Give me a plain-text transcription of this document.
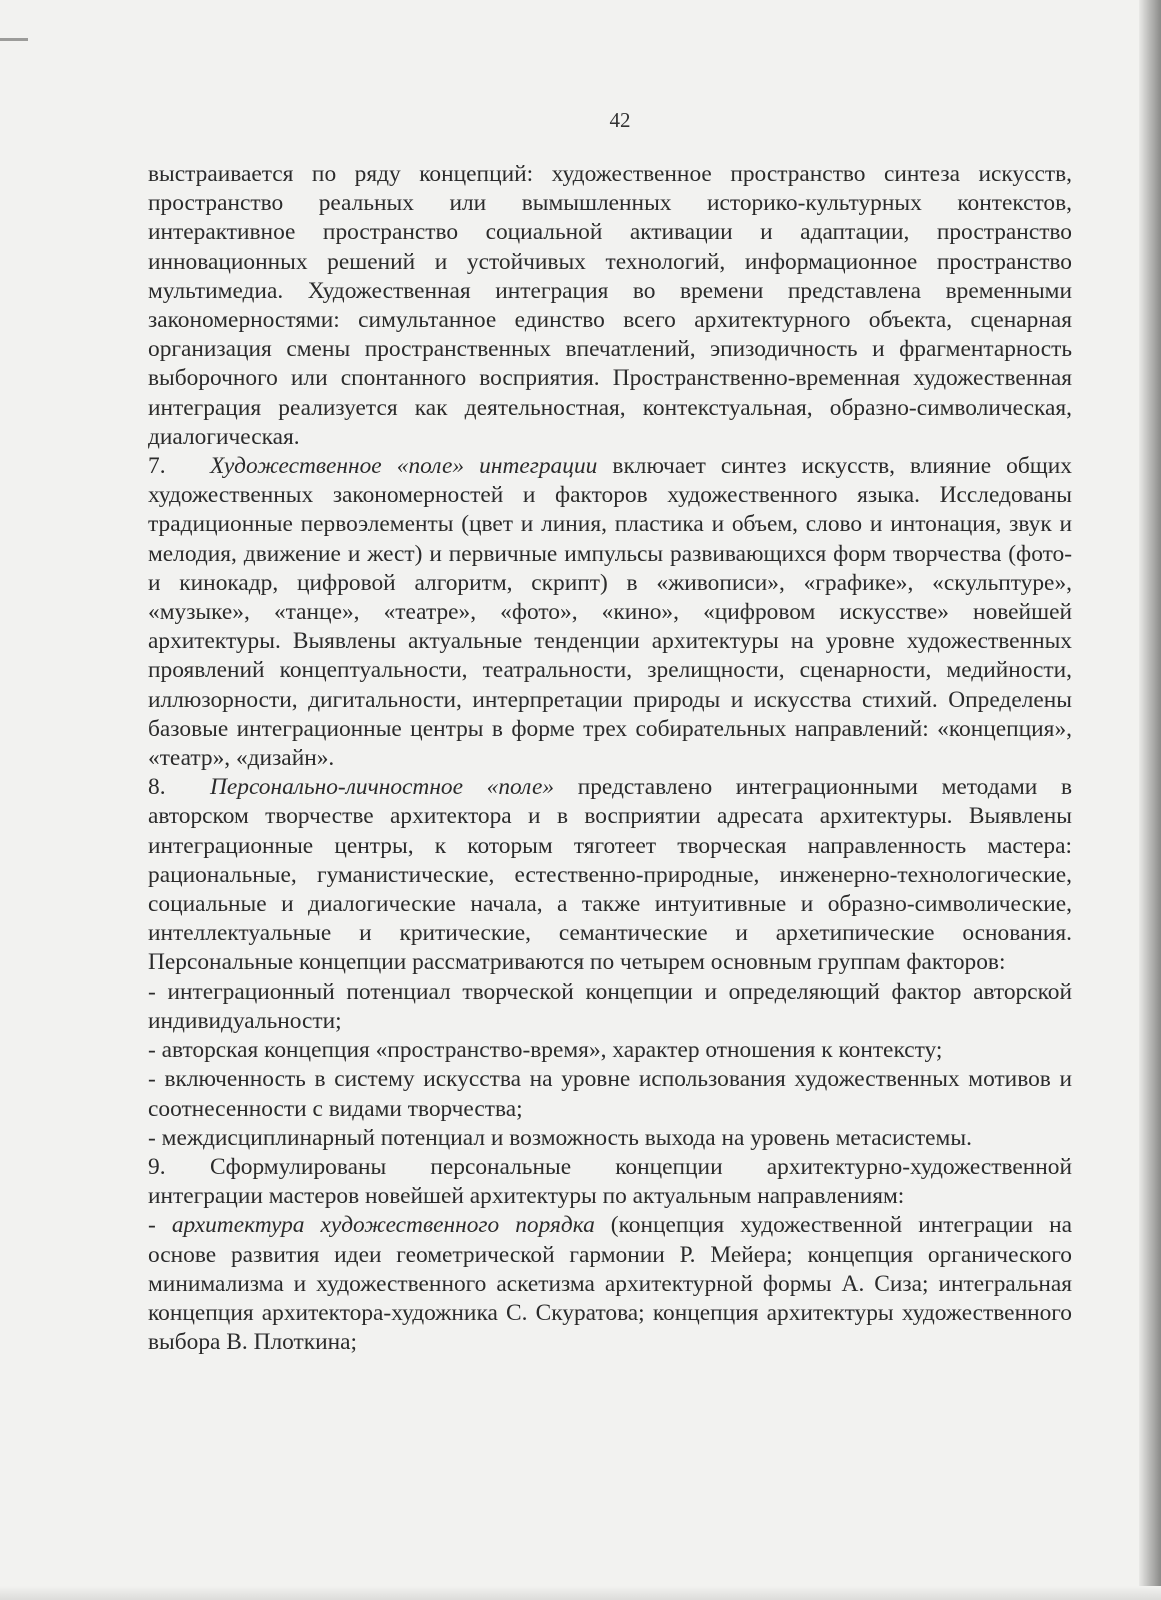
42

выстраивается по ряду концепций: художественное пространство синтеза искусств, пространство реальных или вымышленных историко-культурных контекстов, интерактивное пространство социальной активации и адаптации, пространство инновационных решений и устойчивых технологий, информационное пространство мультимедиа. Художественная интеграция во времени представлена временными закономерностями: симультанное единство всего архитектурного объекта, сценарная организация смены пространственных впечатлений, эпизодичность и фрагментарность выборочного или спонтанного восприятия. Пространственно-временная художественная интеграция реализуется как деятельностная, контекстуальная, образно-символическая, диалогическая.

7. Художественное «поле» интеграции включает синтез искусств, влияние общих художественных закономерностей и факторов художественного языка. Исследованы традиционные первоэлементы (цвет и линия, пластика и объем, слово и интонация, звук и мелодия, движение и жест) и первичные импульсы развивающихся форм творчества (фото- и кинокадр, цифровой алгоритм, скрипт) в «живописи», «графике», «скульптуре», «музыке», «танце», «театре», «фото», «кино», «цифровом искусстве» новейшей архитектуры. Выявлены актуальные тенденции архитектуры на уровне художественных проявлений концептуальности, театральности, зрелищности, сценарности, медийности, иллюзорности, дигитальности, интерпретации природы и искусства стихий. Определены базовые интеграционные центры в форме трех собирательных направлений: «концепция», «театр», «дизайн».

8. Персонально-личностное «поле» представлено интеграционными методами в авторском творчестве архитектора и в восприятии адресата архитектуры. Выявлены интеграционные центры, к которым тяготеет творческая направленность мастера: рациональные, гуманистические, естественно-природные, инженерно-технологические, социальные и диалогические начала, а также интуитивные и образно-символические, интеллектуальные и критические, семантические и архетипические основания. Персональные концепции рассматриваются по четырем основным группам факторов:

- интеграционный потенциал творческой концепции и определяющий фактор авторской индивидуальности;

- авторская концепция «пространство-время», характер отношения к контексту;

- включенность в систему искусства на уровне использования художественных мотивов и соотнесенности с видами творчества;

- междисциплинарный потенциал и возможность выхода на уровень метасистемы.

9. Сформулированы персональные концепции архитектурно-художественной интеграции мастеров новейшей архитектуры по актуальным направлениям:

- архитектура художественного порядка (концепция художественной интеграции на основе развития идеи геометрической гармонии Р. Мейера; концепция органического минимализма и художественного аскетизма архитектурной формы А. Сиза; интегральная концепция архитектора-художника С. Скуратова; концепция архитектуры художественного выбора В. Плоткина;
